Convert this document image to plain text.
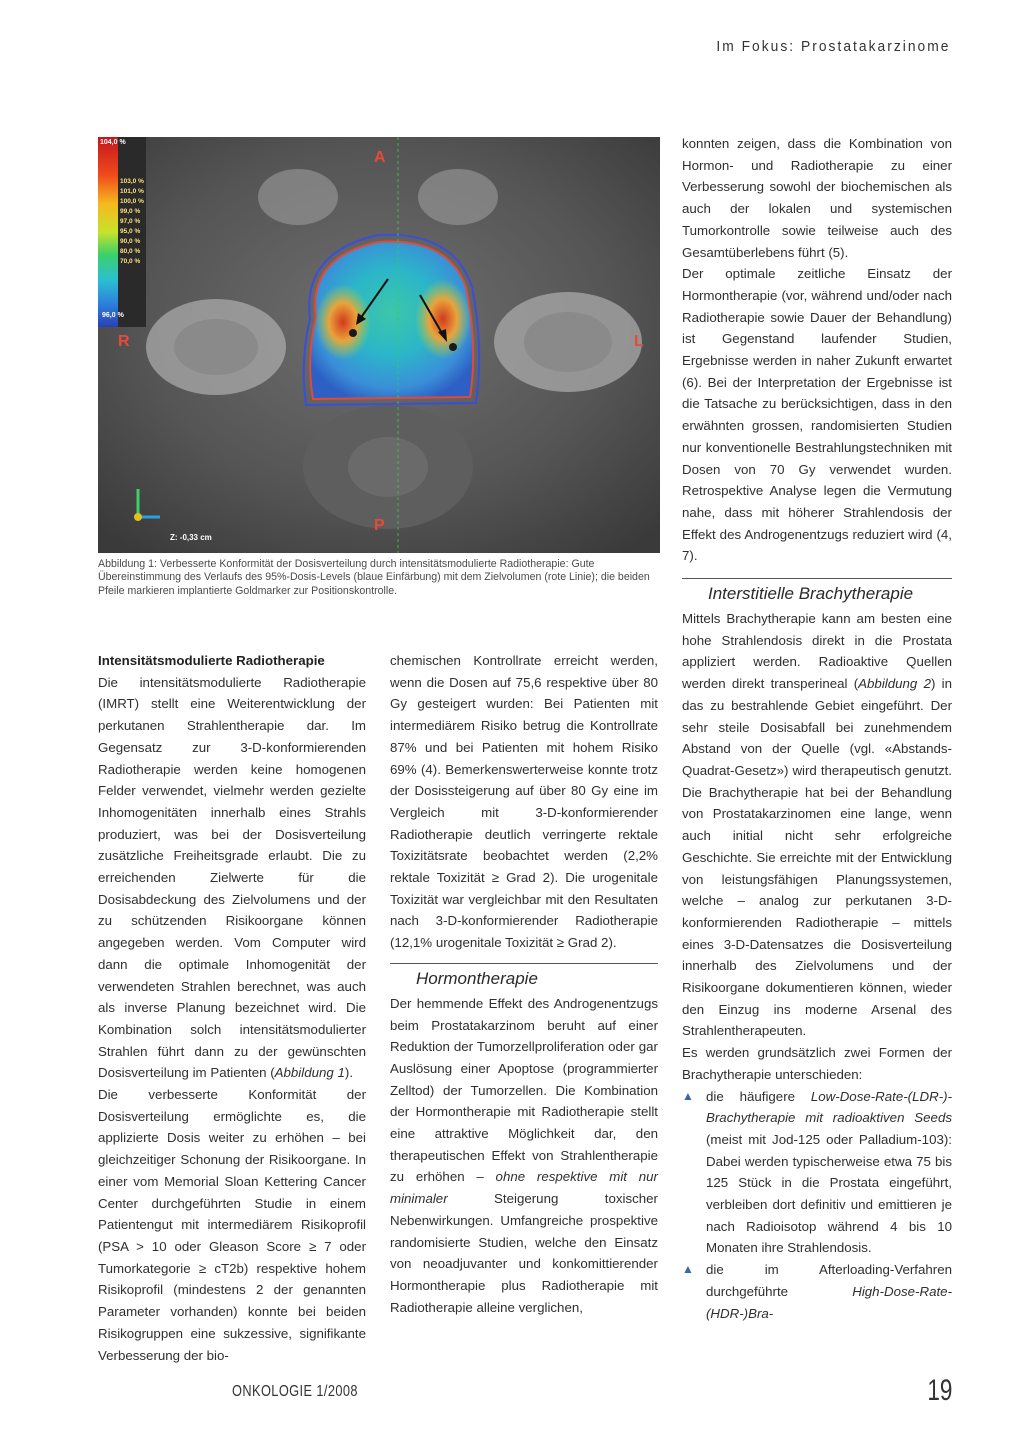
Im Fokus: Prostatakarzinome
104,0 %
103,0 %
101,0 %
100,0 %
99,0 %
97,0 %
95,0 %
90,0 %
80,0 %
70,0 %
96,0 %
A
P
R	L
Z: -0,33 cm
Abbildung 1: Verbesserte Konformität der Dosisverteilung durch intensitätsmodulierte Radiotherapie: Gute Übereinstimmung des Verlaufs des 95%-Dosis-Levels (blaue Einfärbung) mit dem Zielvolumen (rote Linie); die beiden Pfeile markieren implantierte Goldmarker zur Positionskontrolle.

Intensitätsmodulierte Radiotherapie

Die intensitätsmodulierte Radiotherapie (IMRT) stellt eine Weiterentwicklung der perkutanen Strahlentherapie dar. Im Gegensatz zur 3-D-konformierenden Radiotherapie werden keine homogenen Felder verwendet, vielmehr werden gezielte Inhomogenitäten innerhalb eines Strahls produziert, was bei der Dosisverteilung zusätzliche Freiheitsgrade erlaubt. Die zu erreichenden Zielwerte für die Dosisabdeckung des Zielvolumens und der zu schützenden Risikoorgane können angegeben werden. Vom Computer wird dann die optimale Inhomogenität der verwendeten Strahlen berechnet, was auch als inverse Planung bezeichnet wird. Die Kombination solch intensitätsmodulierter Strahlen führt dann zu der gewünschten Dosisverteilung im Patienten (Abbildung 1).

Die verbesserte Konformität der Dosisverteilung ermöglichte es, die applizierte Dosis weiter zu erhöhen – bei gleichzeitiger Schonung der Risikoorgane. In einer vom Memorial Sloan Kettering Cancer Center durchgeführten Studie in einem Patientengut mit intermediärem Risikoprofil (PSA > 10 oder Gleason Score ≥ 7 oder Tumorkategorie ≥ cT2b) respektive hohem Risikoprofil (mindestens 2 der genannten Parameter vorhanden) konnte bei beiden Risikogruppen eine sukzessive, signifikante Verbesserung der bio-

chemischen Kontrollrate erreicht werden, wenn die Dosen auf 75,6 respektive über 80 Gy gesteigert wurden: Bei Patienten mit intermediärem Risiko betrug die Kontrollrate 87% und bei Patienten mit hohem Risiko 69% (4). Bemerkenswerterweise konnte trotz der Dosissteigerung auf über 80 Gy eine im Vergleich mit 3-D-konformierender Radiotherapie deutlich verringerte rektale Toxizitätsrate beobachtet werden (2,2% rektale Toxizität ≥ Grad 2). Die urogenitale Toxizität war vergleichbar mit den Resultaten nach 3-D-konformierender Radiotherapie (12,1% urogenitale Toxizität ≥ Grad 2).

Hormontherapie

Der hemmende Effekt des Androgenentzugs beim Prostatakarzinom beruht auf einer Reduktion der Tumorzellproliferation oder gar Auslösung einer Apoptose (programmierter Zelltod) der Tumorzellen. Die Kombination der Hormontherapie mit Radiotherapie stellt eine attraktive Möglichkeit dar, den therapeutischen Effekt von Strahlentherapie zu erhöhen – ohne respektive mit nur minimaler Steigerung toxischer Nebenwirkungen. Umfangreiche prospektive randomisierte Studien, welche den Einsatz von neoadjuvanter und konkomittierender Hormontherapie plus Radiotherapie mit Radiotherapie alleine verglichen,

konnten zeigen, dass die Kombination von Hormon- und Radiotherapie zu einer Verbesserung sowohl der biochemischen als auch der lokalen und systemischen Tumorkontrolle sowie teilweise auch des Gesamtüberlebens führt (5).

Der optimale zeitliche Einsatz der Hormontherapie (vor, während und/oder nach Radiotherapie sowie Dauer der Behandlung) ist Gegenstand laufender Studien, Ergebnisse werden in naher Zukunft erwartet (6). Bei der Interpretation der Ergebnisse ist die Tatsache zu berücksichtigen, dass in den erwähnten grossen, randomisierten Studien nur konventionelle Bestrahlungstechniken mit Dosen von 70 Gy verwendet wurden. Retrospektive Analyse legen die Vermutung nahe, dass mit höherer Strahlendosis der Effekt des Androgenentzugs reduziert wird (4, 7).

Interstitielle Brachytherapie

Mittels Brachytherapie kann am besten eine hohe Strahlendosis direkt in die Prostata appliziert werden. Radioaktive Quellen werden direkt transperineal (Abbildung 2) in das zu bestrahlende Gebiet eingeführt. Der sehr steile Dosisabfall bei zunehmendem Abstand von der Quelle (vgl. «Abstands-Quadrat-Gesetz») wird therapeutisch genutzt. Die Brachytherapie hat bei der Behandlung von Prostatakarzinomen eine lange, wenn auch initial nicht sehr erfolgreiche Geschichte. Sie erreichte mit der Entwicklung von leistungsfähigen Planungssystemen, welche – analog zur perkutanen 3-D-konformierenden Radiotherapie – mittels eines 3-D-Datensatzes die Dosisverteilung innerhalb des Zielvolumens und der Risikoorgane dokumentieren können, wieder den Einzug ins moderne Arsenal des Strahlentherapeuten.

Es werden grundsätzlich zwei Formen der Brachytherapie unterschieden:

▲ die häufigere Low-Dose-Rate-(LDR-)-Brachytherapie mit radioaktiven Seeds (meist mit Jod-125 oder Palladium-103): Dabei werden typischerweise etwa 75 bis 125 Stück in die Prostata eingeführt, verbleiben dort definitiv und emittieren je nach Radioisotop während 4 bis 10 Monaten ihre Strahlendosis.
▲ die im Afterloading-Verfahren durchgeführte High-Dose-Rate-(HDR-)Bra-
ONKOLOGIE 1/2008	19
